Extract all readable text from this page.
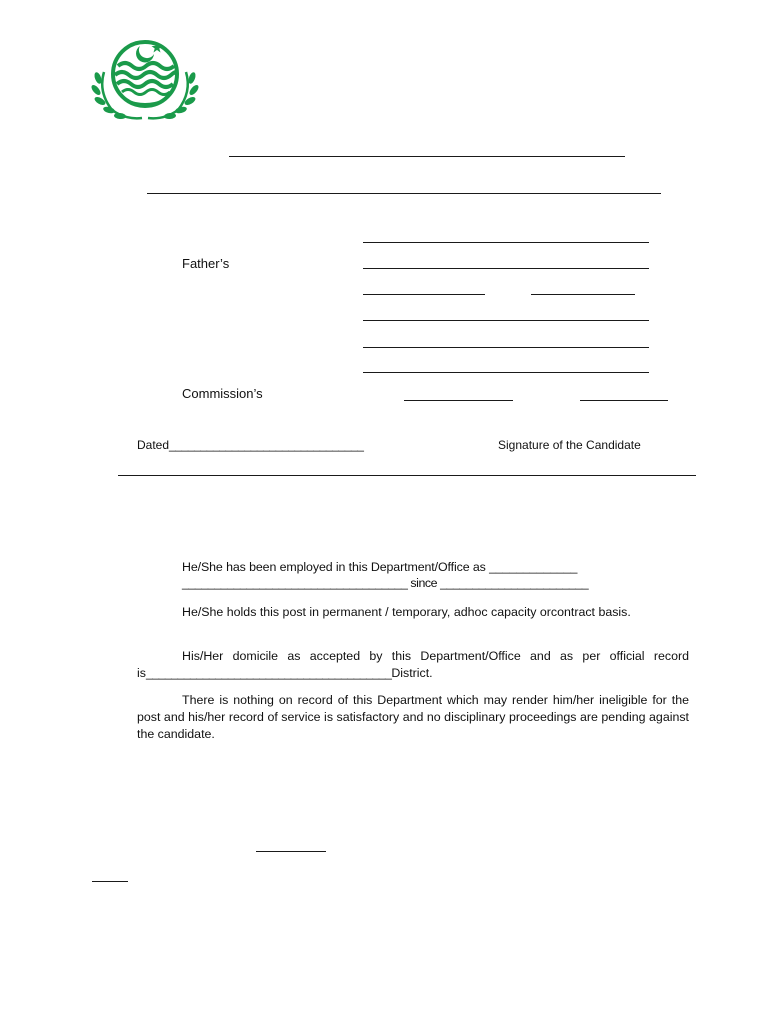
Father’s
Commission’s
Dated_______________________________	Signature of the Candidate
He/She has been employed in this Department/Office as _____________
___________________________________ since _______________________
He/She holds this post in permanent / temporary, adhoc capacity orcontract basis.
His/Her domicile as accepted by this Department/Office and as per official record is_______________________________________District.
There is nothing on record of this Department which may render him/her ineligible for the post and his/her record of service is satisfactory and no disciplinary proceedings are pending against the candidate.
